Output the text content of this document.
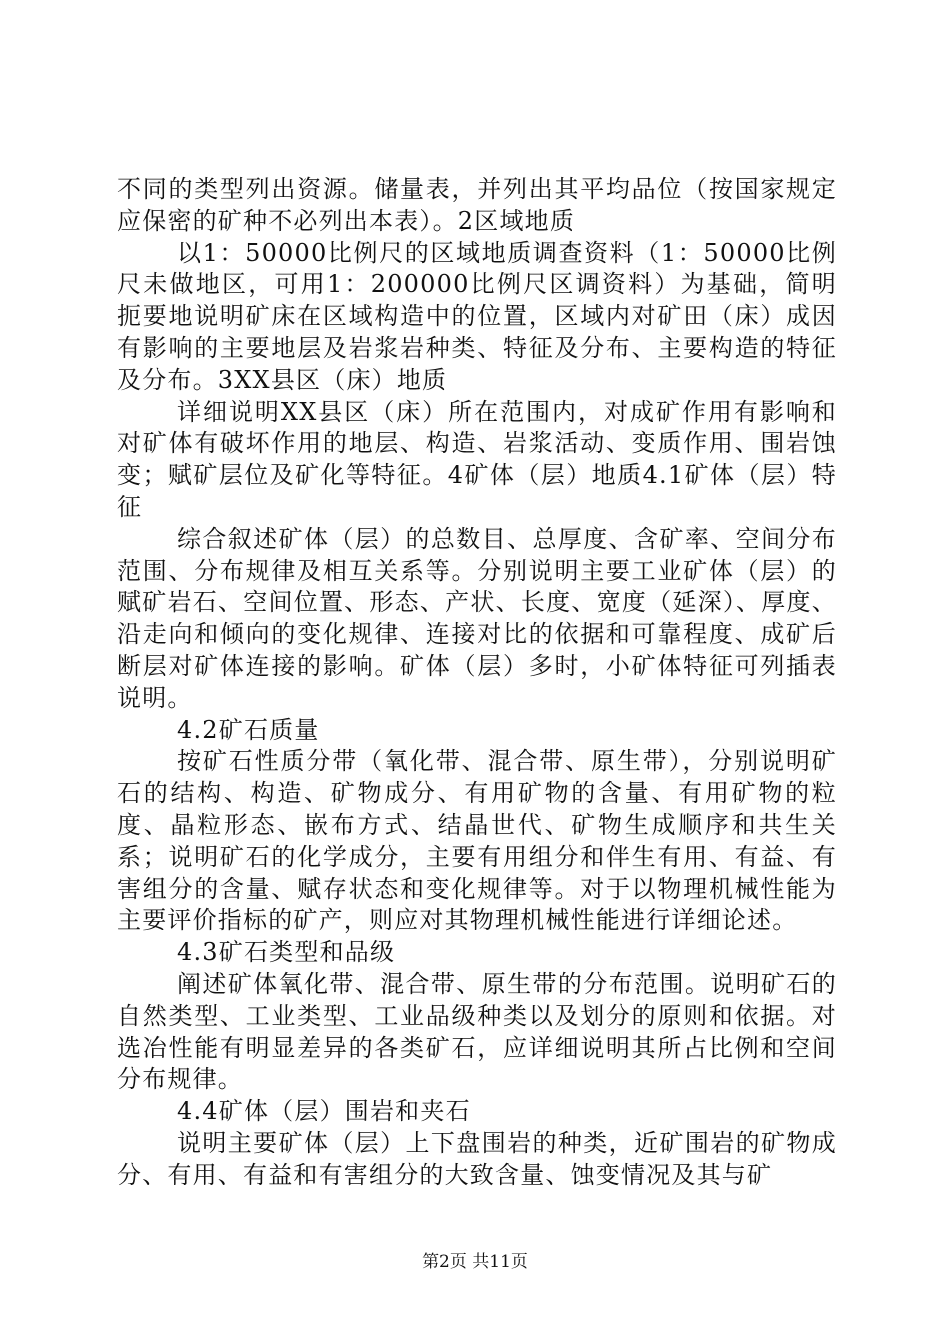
不同的类型列出资源。储量表，并列出其平均品位（按国家规定应保密的矿种不必列出本表）。2区域地质

以1：50000比例尺的区域地质调查资料（1：50000比例尺未做地区，可用1：200000比例尺区调资料）为基础，简明扼要地说明矿床在区域构造中的位置，区域内对矿田（床）成因有影响的主要地层及岩浆岩种类、特征及分布、主要构造的特征及分布。3XX县区（床）地质

详细说明XX县区（床）所在范围内，对成矿作用有影响和对矿体有破坏作用的地层、构造、岩浆活动、变质作用、围岩蚀变；赋矿层位及矿化等特征。4矿体（层）地质4.1矿体（层）特征

综合叙述矿体（层）的总数目、总厚度、含矿率、空间分布范围、分布规律及相互关系等。分别说明主要工业矿体（层）的赋矿岩石、空间位置、形态、产状、长度、宽度（延深）、厚度、沿走向和倾向的变化规律、连接对比的依据和可靠程度、成矿后断层对矿体连接的影响。矿体（层）多时，小矿体特征可列插表说明。

4.2矿石质量

按矿石性质分带（氧化带、混合带、原生带），分别说明矿石的结构、构造、矿物成分、有用矿物的含量、有用矿物的粒度、晶粒形态、嵌布方式、结晶世代、矿物生成顺序和共生关系；说明矿石的化学成分，主要有用组分和伴生有用、有益、有害组分的含量、赋存状态和变化规律等。对于以物理机械性能为主要评价指标的矿产，则应对其物理机械性能进行详细论述。

4.3矿石类型和品级

阐述矿体氧化带、混合带、原生带的分布范围。说明矿石的自然类型、工业类型、工业品级种类以及划分的原则和依据。对选冶性能有明显差异的各类矿石，应详细说明其所占比例和空间分布规律。

4.4矿体（层）围岩和夹石

说明主要矿体（层）上下盘围岩的种类，近矿围岩的矿物成分、有用、有益和有害组分的大致含量、蚀变情况及其与矿

第2页 共11页
